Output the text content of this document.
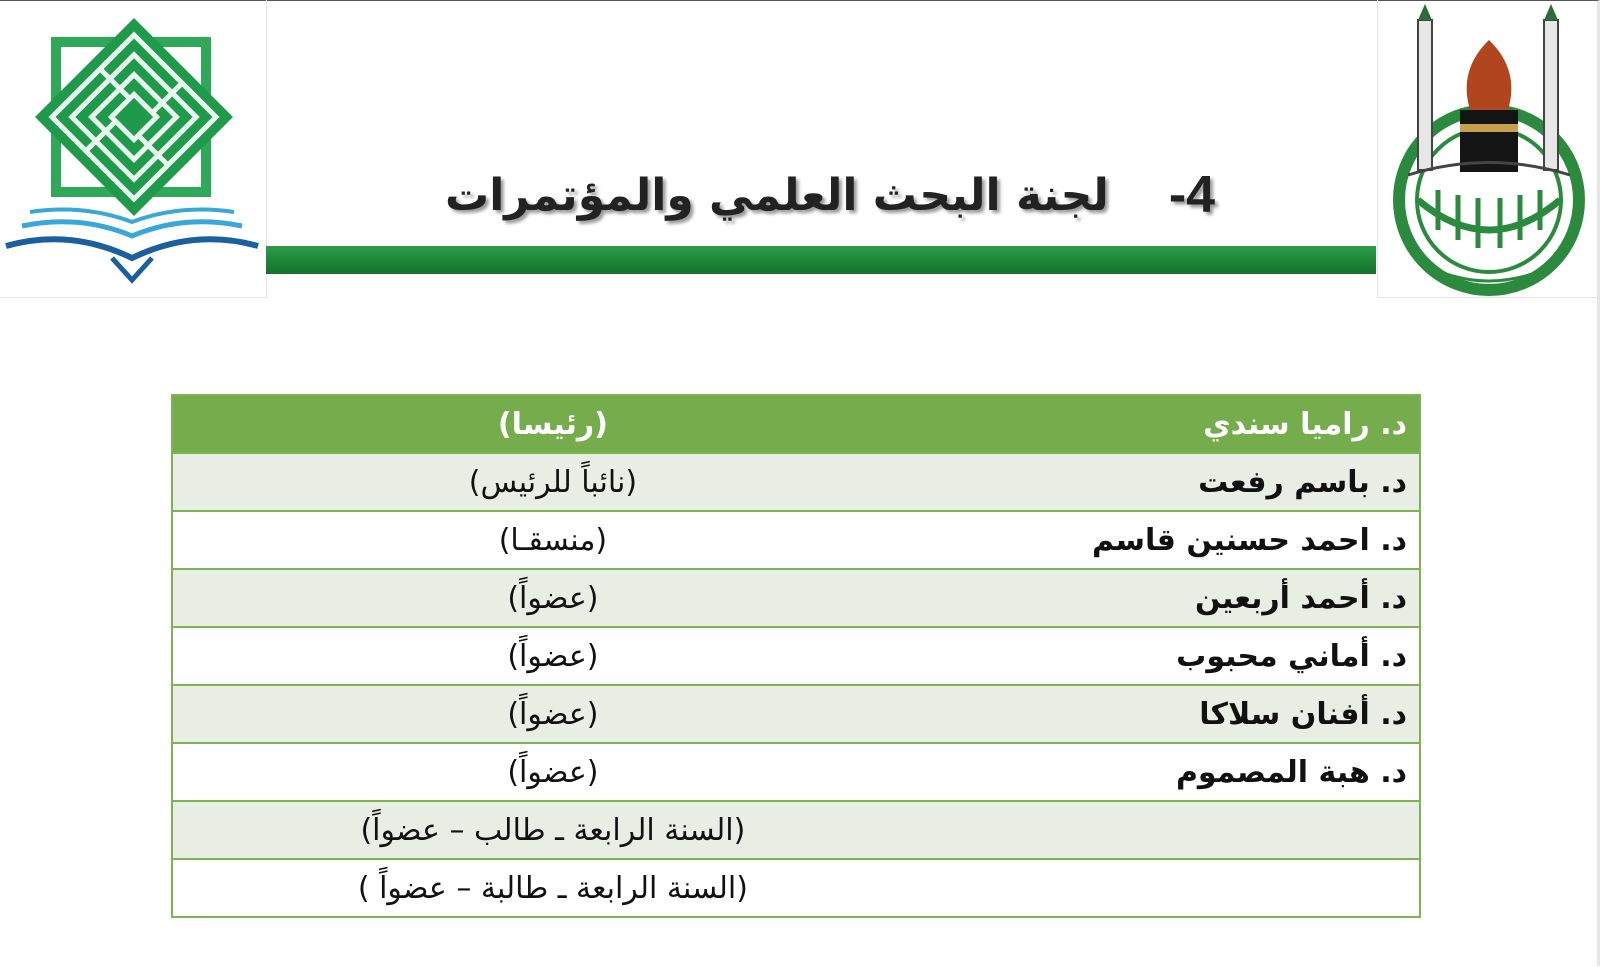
4-
لجنة البحث العلمي والمؤتمرات
د. راميا سندي	(رئيسا)

د. باسم رفعت	(نائباً للرئيس)

د. احمد حسنين قاسم	(منسقـا)

د. أحمد أربعين	(عضواً)

د. أماني محبوب	(عضواً)

د. أفنان سلاكا	(عضواً)

د. هبة المصموم	(عضواً)

	(السنة الرابعة ـ طالب – عضواً)

	(السنة الرابعة ـ طالبة – عضواً )
